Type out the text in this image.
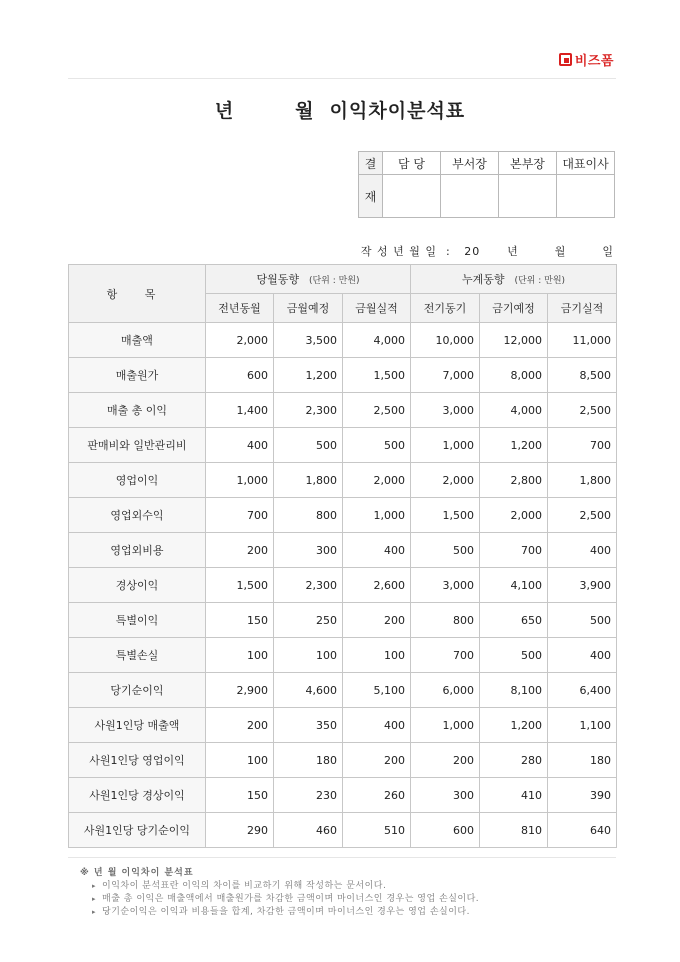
비즈폼
년        월  이익차이분석표
결	담 당	부서장	본부장	대표이사
재				
작 성 년 월 일  :   20      년        월        일
항 목	당월동향 (단위 : 만원)			누계동향 (단위 : 만원)		
	전년동월	금월예정	금월실적	전기동기	금기예정	금기실적
매출액	2,000	3,500	4,000	10,000	12,000	11,000
매출원가	600	1,200	1,500	7,000	8,000	8,500
매출 총 이익	1,400	2,300	2,500	3,000	4,000	2,500
판매비와 일반관리비	400	500	500	1,000	1,200	700
영업이익	1,000	1,800	2,000	2,000	2,800	1,800
영업외수익	700	800	1,000	1,500	2,000	2,500
영업외비용	200	300	400	500	700	400
경상이익	1,500	2,300	2,600	3,000	4,100	3,900
특별이익	150	250	200	800	650	500
특별손실	100	100	100	700	500	400
당기순이익	2,900	4,600	5,100	6,000	8,100	6,400
사원1인당 매출액	200	350	400	1,000	1,200	1,100
사원1인당 영업이익	100	180	200	200	280	180
사원1인당 경상이익	150	230	260	300	410	390
사원1인당 당기순이익	290	460	510	600	810	640
※ 년 월 이익차이 분석표
▸ 이익차이 분석표란 이익의 차이를 비교하기 위해 작성하는 문서이다.
▸ 매출 총 이익은 매출액에서 매출원가를 차감한 금액이며 마이너스인 경우는 영업 손실이다.
▸ 당기순이익은 이익과 비용들을 합계, 차감한 금액이며 마이너스인 경우는 영업 손실이다.
